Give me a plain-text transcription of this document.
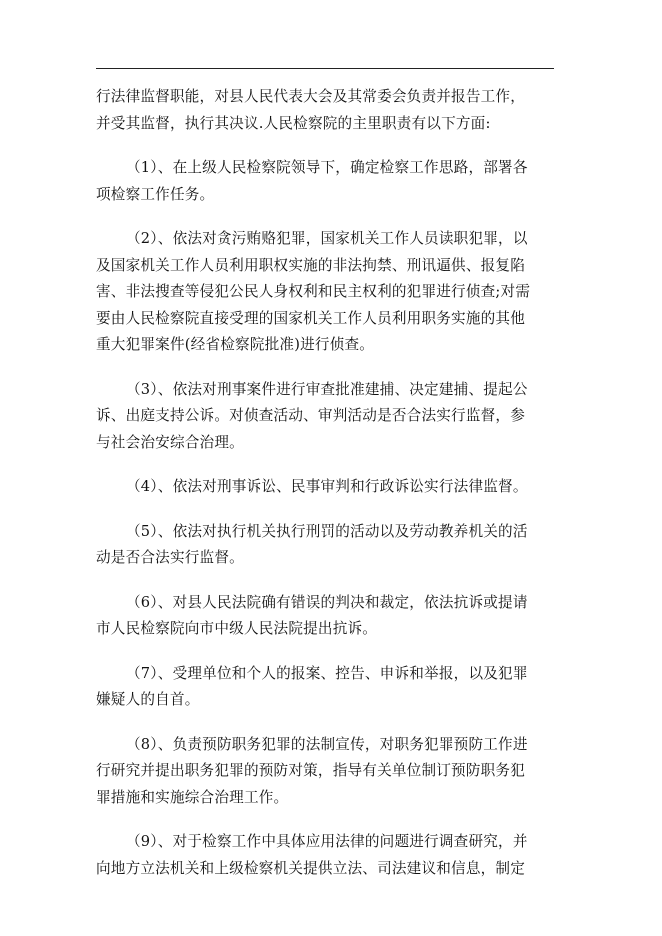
行法律监督职能，对县人民代表大会及其常委会负责并报告工作，
并受其监督，执行其决议.人民检察院的主里职责有以下方面:
（1）、在上级人民检察院领导下，确定检察工作思路，部署各
项检察工作任务。
（2）、依法对贪污贿赂犯罪，国家机关工作人员读职犯罪，以
及国家机关工作人员利用职权实施的非法拘禁、刑讯逼供、报复陷
害、非法搜查等侵犯公民人身权利和民主权利的犯罪进行侦查;对需
要由人民检察院直接受理的国家机关工作人员利用职务实施的其他
重大犯罪案件(经省检察院批准)进行侦查。
（3）、依法对刑事案件进行审查批准建捕、决定建捕、提起公
诉、出庭支持公诉。对侦查活动、审判活动是否合法实行监督，参
与社会治安综合治理。
（4）、依法对刑事诉讼、民事审判和行政诉讼实行法律监督。
（5）、依法对执行机关执行刑罚的活动以及劳动教养机关的活
动是否合法实行监督。
（6）、对县人民法院确有错误的判决和裁定，依法抗诉或提请
市人民检察院向市中级人民法院提出抗诉。
（7）、受理单位和个人的报案、控告、申诉和举报，以及犯罪
嫌疑人的自首。
（8）、负责预防职务犯罪的法制宣传，对职务犯罪预防工作进
行研究并提出职务犯罪的预防对策，指导有关单位制订预防职务犯
罪措施和实施综合治理工作。
（9）、对于检察工作中具体应用法律的问题进行调查研究，并
向地方立法机关和上级检察机关提供立法、司法建议和信息，制定
